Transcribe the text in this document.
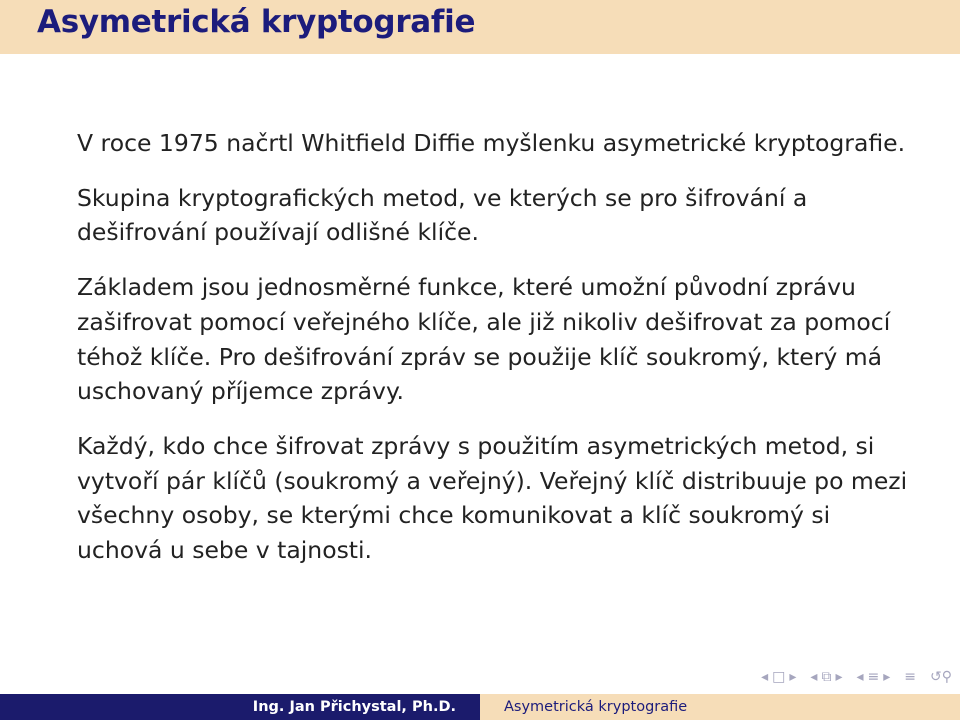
Asymetrická kryptografie

V roce 1975 načrtl Whitfield Diffie myšlenku asymetrické kryptografie.

Skupina kryptografických metod, ve kterých se pro šifrování a dešifrování používají odlišné klíče.

Základem jsou jednosměrné funkce, které umožní původní zprávu zašifrovat pomocí veřejného klíče, ale již nikoliv dešifrovat za pomocí téhož klíče. Pro dešifrování zpráv se použije klíč soukromý, který má uschovaný příjemce zprávy.

Každý, kdo chce šifrovat zprávy s použitím asymetrických metod, si vytvoří pár klíčů (soukromý a veřejný). Veřejný klíč distribuuje po mezi všechny osoby, se kterými chce komunikovat a klíč soukromý si uchová u sebe v tajnosti.

◂ □ ▸ ◂ ⧉ ▸ ◂ ≡ ▸ ≡ ↺⚲
Ing. Jan Přichystal, Ph.D.	Asymetrická kryptografie
